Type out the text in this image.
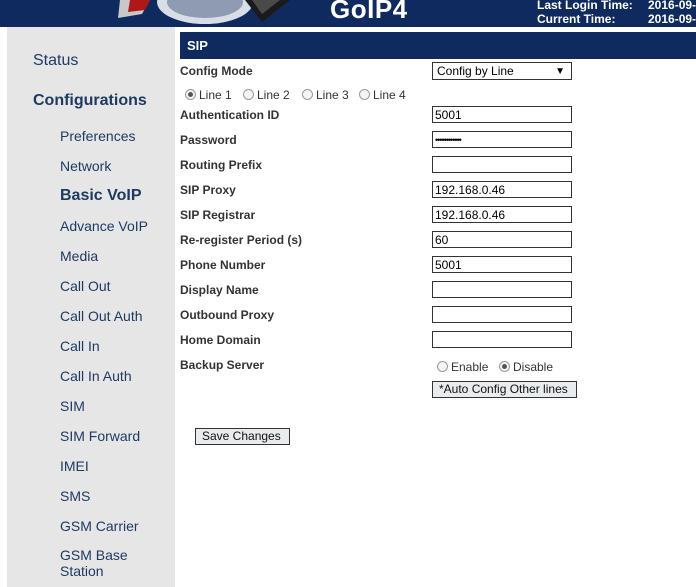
GoIP4	Last Login Time: 2016-09-
Current Time:	2016-09-
Status
Configurations
Preferences
Network
Basic VoIP
Advance VoIP
Media
Call Out
Call Out Auth
Call In
Call In Auth
SIM
SIM Forward
IMEI
SMS
GSM Carrier
GSM Base
Station
SIP
Config Mode	Config by Line	▼
Line 1	Line 2	Line 3	Line 4
Authentication ID	5001
Password	••••••••••••
Routing Prefix
SIP Proxy	192.168.0.46
SIP Registrar	192.168.0.46
Re-register Period (s)	60
Phone Number	5001
Display Name
Outbound Proxy
Home Domain
Backup Server	Enable	Disable
*Auto Config Other lines
Save Changes
